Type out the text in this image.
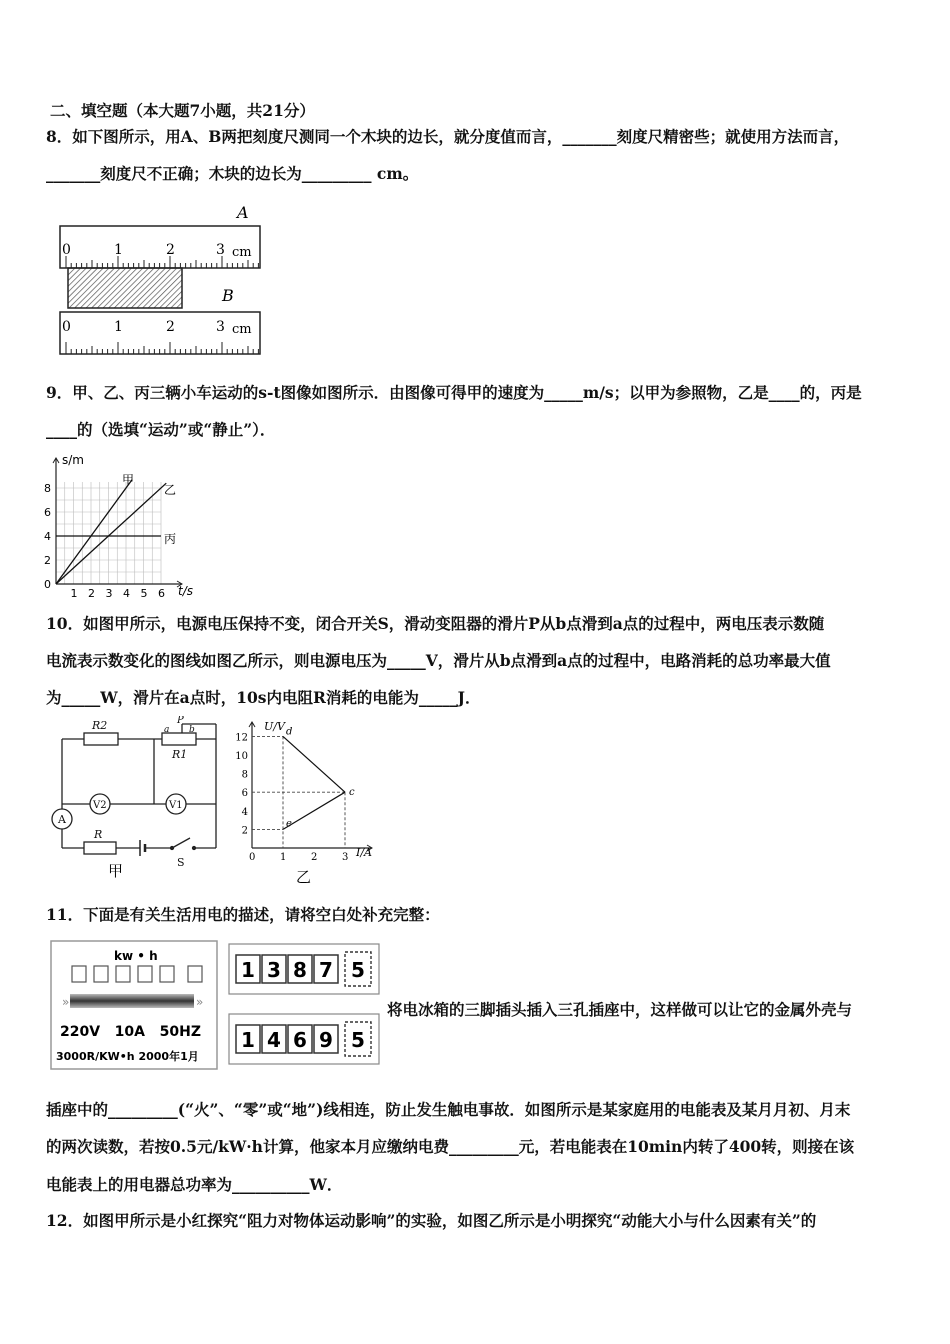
二、填空题（本大题7小题，共21分）
8．如下图所示，用A、B两把刻度尺测同一个木块的边长，就分度值而言，_______刻度尺精密些；就使用方法而言，
_______刻度尺不正确；木块的边长为_________ cm。
A
0	1	2	3 cm
B
0	1	2	3 cm
9．甲、乙、丙三辆小车运动的s-t图像如图所示．由图像可得甲的速度为_____m/s；以甲为参照物，乙是____的，丙是
____的（选填“运动”或“静止”）．
s/m
t/s
0
2
4
6
8
1 2 3 4 5 6
甲
乙
丙
10．如图甲所示，电源电压保持不变，闭合开关S，滑动变阻器的滑片P从b点滑到a点的过程中，两电压表示数随
电流表示数变化的图线如图乙所示，则电源电压为_____V，滑片从b点滑到a点的过程中，电路消耗的总功率最大值
为_____W，滑片在a点时，10s内电阻R消耗的电能为_____J．
R2
R1
P
a b
V2	V1
A
R
S
甲
d
e
c
2
4
6
8
10
12
0 1 2 3
U/V
I/A
乙
11．下面是有关生活用电的描述，请将空白处补充完整：
kw • h
»
»
220V   10A   50HZ
3000R/KW•h 2000年1月
1 3 8 7 5
1 4 6 9 5
将电冰箱的三脚插头插入三孔插座中，这样做可以让它的金属外壳与
插座中的_________(“火”、“零”或“地”)线相连，防止发生触电事故．如图所示是某家庭用的电能表及某月月初、月末
的两次读数，若按0.5元/kW·h计算，他家本月应缴纳电费_________元，若电能表在10min内转了400转，则接在该
电能表上的用电器总功率为__________W．
12．如图甲所示是小红探究“阻力对物体运动影响”的实验，如图乙所示是小明探究“动能大小与什么因素有关”的
